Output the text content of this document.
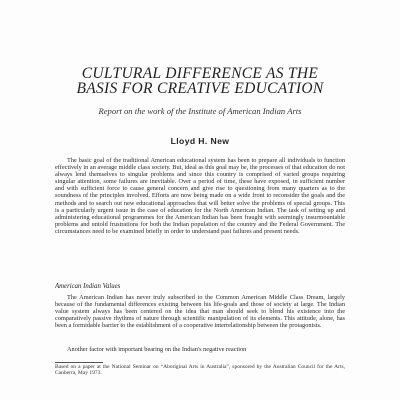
CULTURAL DIFFERENCE AS THE
BASIS FOR CREATIVE EDUCATION
Report on the work of the Institute of American Indian Arts
Lloyd H. New

The basic goal of the traditional American educational system has been to prepare all individuals to function effectively in an average middle class society. But, ideal as this goal may be, the processes of that education do not always lend themselves to singular problems and since this country is comprised of varied groups requiring singular attention, some failures are inevitable. Over a period of time, these have exposed, in sufficient number and with sufficient force to cause general concern and give rise to questioning from many quarters as to the soundness of the principles involved. Efforts are now being made on a wide front to reconsider the goals and the methods and to search out new educational approaches that will better solve the problems of special groups. This is a particularly urgent issue in the case of education for the North American Indian. The task of setting up and administering educational programmes for the American Indian has been fraught with seemingly insurmountable problems and untold frustrations for both the Indian population of the country and the Federal Government. The circumstances need to be examined briefly in order to understand past failures and present needs.

American Indian Values

The American Indian has never truly subscribed to the Common American Middle Class Dream, largely because of the fundamental differences existing between his life-goals and those of society at large. The Indian value system always has been centered on the idea that man should seek to blend his existence into the comparatively passive rhythms of nature through scientific manipulation of its elements. This attitude, alone, has been a formidable barrier to the establishment of a cooperative interrelationship between the protagonists.

Another factor with important bearing on the Indian's negative reaction

Based on a paper at the National Seminar on “Aboriginal Arts in Australia”, sponsored by the Australian Council for the Arts, Canberra, May 1973.
